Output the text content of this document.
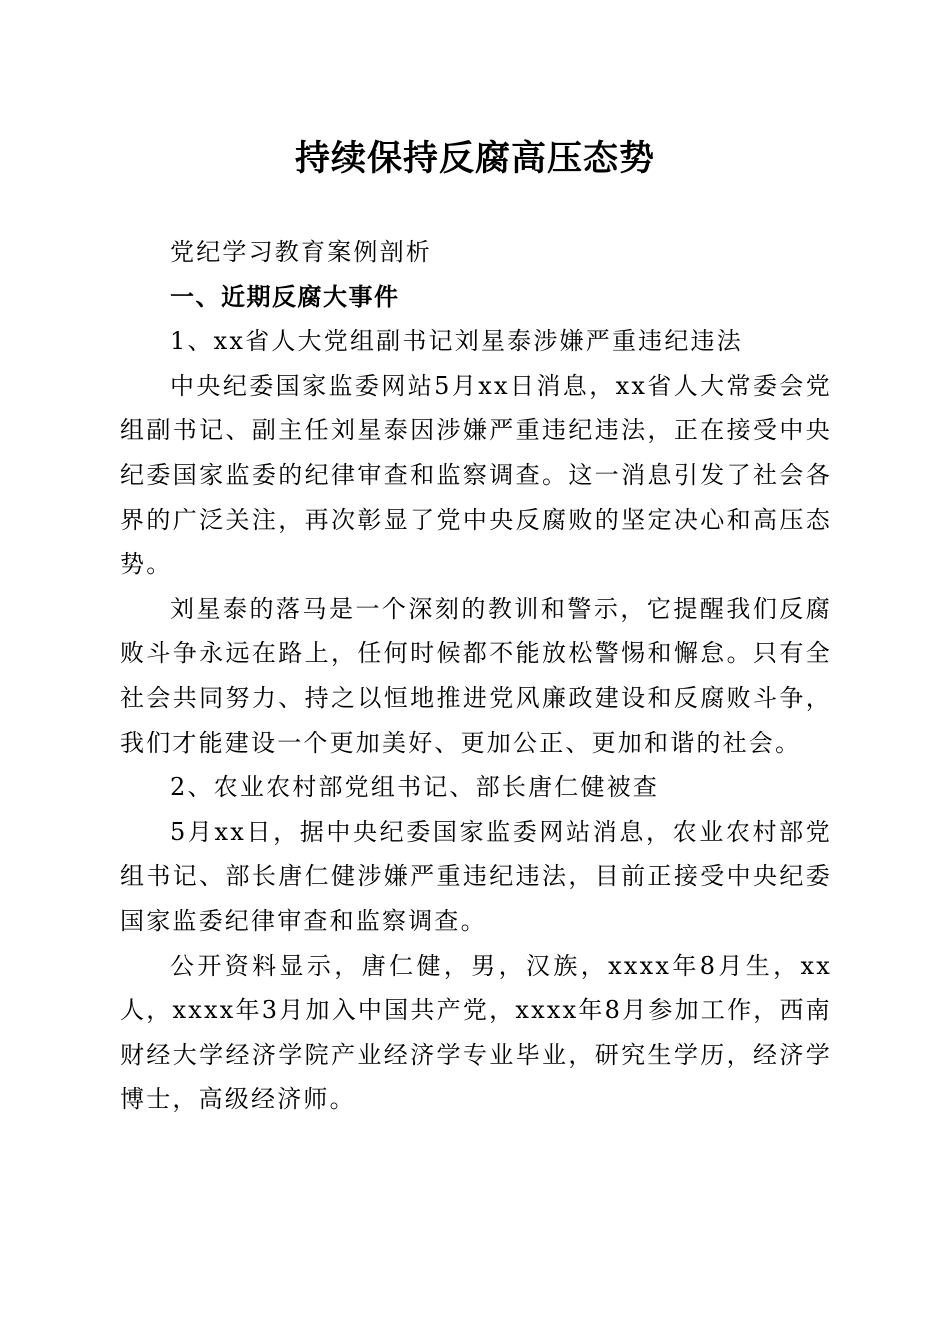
持续保持反腐高压态势

党纪学习教育案例剖析

一、近期反腐大事件

1、xx省人大党组副书记刘星泰涉嫌严重违纪违法

中央纪委国家监委网站5月xx日消息，xx省人大常委会党组副书记、副主任刘星泰因涉嫌严重违纪违法，正在接受中央纪委国家监委的纪律审查和监察调查。这一消息引发了社会各界的广泛关注，再次彰显了党中央反腐败的坚定决心和高压态势。

刘星泰的落马是一个深刻的教训和警示，它提醒我们反腐败斗争永远在路上，任何时候都不能放松警惕和懈怠。只有全社会共同努力、持之以恒地推进党风廉政建设和反腐败斗争，我们才能建设一个更加美好、更加公正、更加和谐的社会。

2、农业农村部党组书记、部长唐仁健被查

5月xx日，据中央纪委国家监委网站消息，农业农村部党组书记、部长唐仁健涉嫌严重违纪违法，目前正接受中央纪委国家监委纪律审查和监察调查。

公开资料显示，唐仁健，男，汉族，xxxx年8月生，xx人，xxxx年3月加入中国共产党，xxxx年8月参加工作，西南财经大学经济学院产业经济学专业毕业，研究生学历，经济学博士，高级经济师。
